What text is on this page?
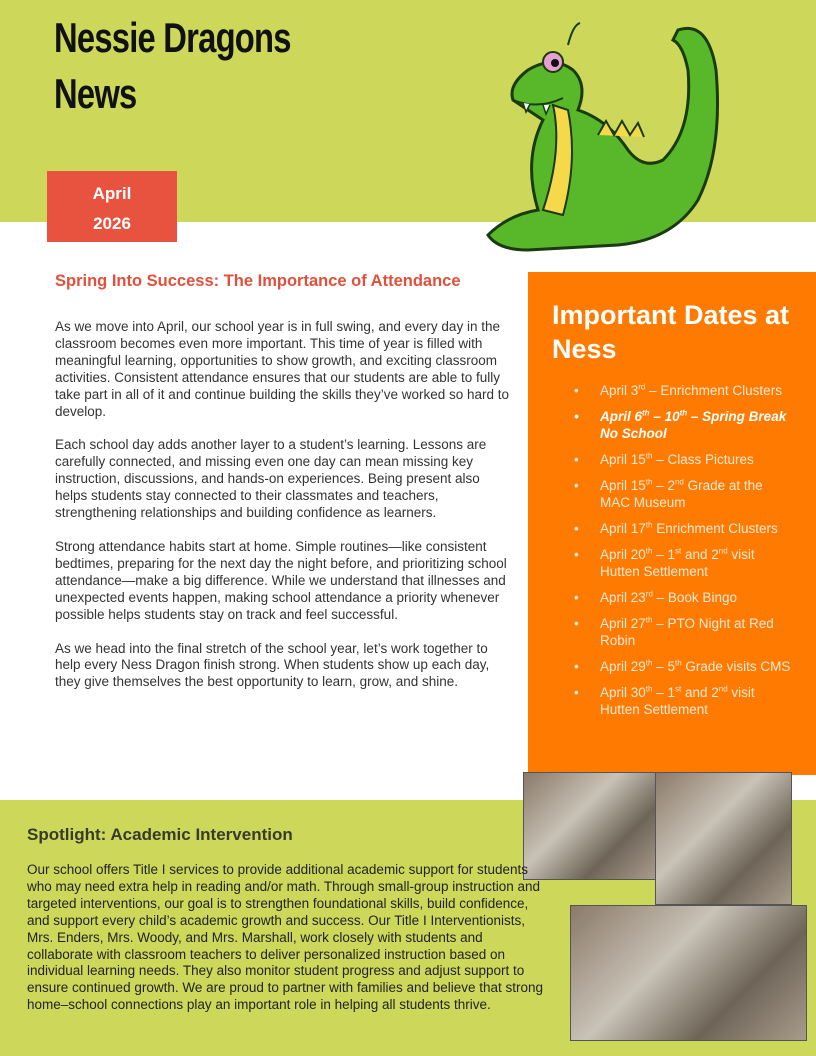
Nessie Dragons
News
April
2026
Spring Into Success: The Importance of Attendance

As we move into April, our school year is in full swing, and every day in the classroom becomes even more important. This time of year is filled with meaningful learning, opportunities to show growth, and exciting classroom activities. Consistent attendance ensures that our students are able to fully take part in all of it and continue building the skills they’ve worked so hard to develop.

Each school day adds another layer to a student’s learning. Lessons are carefully connected, and missing even one day can mean missing key instruction, discussions, and hands-on experiences. Being present also helps students stay connected to their classmates and teachers, strengthening relationships and building confidence as learners.

Strong attendance habits start at home. Simple routines—like consistent bedtimes, preparing for the next day the night before, and prioritizing school attendance—make a big difference. While we understand that illnesses and unexpected events happen, making school attendance a priority whenever possible helps students stay on track and feel successful.

As we head into the final stretch of the school year, let’s work together to help every Ness Dragon finish strong. When students show up each day, they give themselves the best opportunity to learn, grow, and shine.

Important Dates at Ness
• April 3rd – Enrichment Clusters
• April 6th – 10th – Spring Break No School
• April 15th – Class Pictures
• April 15th – 2nd Grade at the MAC Museum
• April 17th Enrichment Clusters
• April 20th – 1st and 2nd visit Hutten Settlement
• April 23rd – Book Bingo
• April 27th – PTO Night at Red Robin
• April 29th – 5th Grade visits CMS
• April 30th – 1st and 2nd visit Hutten Settlement
Spotlight: Academic Intervention
Our school offers Title I services to provide additional academic support for students who may need extra help in reading and/or math. Through small-group instruction and targeted interventions, our goal is to strengthen foundational skills, build confidence, and support every child’s academic growth and success. Our Title I Interventionists, Mrs. Enders, Mrs. Woody, and Mrs. Marshall, work closely with students and collaborate with classroom teachers to deliver personalized instruction based on individual learning needs. They also monitor student progress and adjust support to ensure continued growth. We are proud to partner with families and believe that strong home–school connections play an important role in helping all students thrive.
